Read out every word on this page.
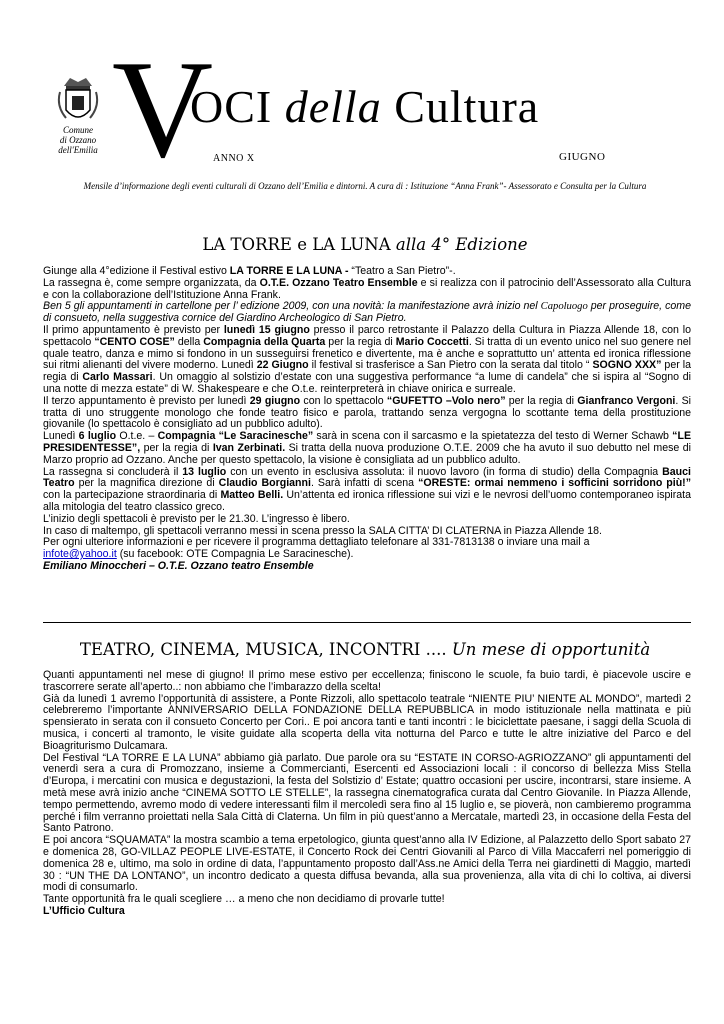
Comune
di Ozzano
dell'Emilia V
OCI della Cultura
ANNO X	GIUGNO
Mensile d’informazione degli eventi culturali di Ozzano dell’Emilia e dintorni. A cura di : Istituzione “Anna Frank”- Assessorato e Consulta per la Cultura
LA TORRE e LA LUNA alla 4° Edizione

Giunge alla 4°edizione il Festival estivo LA TORRE E LA LUNA - “Teatro a San Pietro”-.

La rassegna è, come sempre organizzata, da O.T.E. Ozzano Teatro Ensemble e si realizza con il patrocinio dell’Assessorato alla Cultura e con la collaborazione dell’Istituzione Anna Frank.

Ben 5 gli appuntamenti in cartellone per l’ edizione 2009, con una novità: la manifestazione avrà inizio nel Capoluogo per proseguire, come di consueto, nella suggestiva cornice del Giardino Archeologico di San Pietro.

Il primo appuntamento è previsto per lunedì 15 giugno presso il parco retrostante il Palazzo della Cultura in Piazza Allende 18, con lo spettacolo “CENTO COSE” della Compagnia della Quarta per la regia di Mario Coccetti. Si tratta di un evento unico nel suo genere nel quale teatro, danza e mimo si fondono in un susseguirsi frenetico e divertente, ma è anche e soprattutto un’ attenta ed ironica riflessione sui ritmi alienanti del vivere moderno. Lunedì 22 Giugno il festival si trasferisce a San Pietro con la serata dal titolo “ SOGNO XXX” per la regia di Carlo Massari. Un omaggio al solstizio d’estate con una suggestiva performance “a lume di candela” che si ispira al “Sogno di una notte di mezza estate” di W. Shakespeare e che O.t.e. reinterpreterà in chiave onirica e surreale.

Il terzo appuntamento è previsto per lunedì 29 giugno con lo spettacolo “GUFETTO –Volo nero” per la regia di Gianfranco Vergoni. Si tratta di uno struggente monologo che fonde teatro fisico e parola, trattando senza vergogna lo scottante tema della prostituzione giovanile (lo spettacolo è consigliato ad un pubblico adulto).

Lunedì 6 luglio O.t.e. – Compagnia “Le Saracinesche” sarà in scena con il sarcasmo e la spietatezza del testo di Werner Schawb “LE PRESIDENTESSE”, per la regia di Ivan Zerbinati. Si tratta della nuova produzione O.T.E. 2009 che ha avuto il suo debutto nel mese di Marzo proprio ad Ozzano. Anche per questo spettacolo, la visione è consigliata ad un pubblico adulto.

La rassegna si concluderà il 13 luglio con un evento in esclusiva assoluta: il nuovo lavoro (in forma di studio) della Compagnia Bauci Teatro per la magnifica direzione di Claudio Borgianni. Sarà infatti di scena “ORESTE: ormai nemmeno i sofficini sorridono più!” con la partecipazione straordinaria di Matteo Belli. Un’attenta ed ironica riflessione sui vizi e le nevrosi dell’uomo contemporaneo ispirata alla mitologia del teatro classico greco.

L’inizio degli spettacoli è previsto per le 21.30. L’ingresso è libero.

In caso di maltempo, gli spettacoli verranno messi in scena presso la SALA CITTA’ DI CLATERNA in Piazza Allende 18.

Per ogni ulteriore informazioni e per ricevere il programma dettagliato telefonare al 331-7813138 o inviare una mail a

infote@yahoo.it (su facebook: OTE Compagnia Le Saracinesche).

Emiliano Minoccheri – O.T.E. Ozzano teatro Ensemble

TEATRO, CINEMA, MUSICA, INCONTRI .... Un mese di opportunità

Quanti appuntamenti nel mese di giugno! Il primo mese estivo per eccellenza; finiscono le scuole, fa buio tardi, è piacevole uscire e trascorrere serate all’aperto..: non abbiamo che l’imbarazzo della scelta!

Già da lunedì 1 avremo l’opportunità di assistere, a Ponte Rizzoli, allo spettacolo teatrale “NIENTE PIU’ NIENTE AL MONDO”, martedì 2 celebreremo l’importante ANNIVERSARIO DELLA FONDAZIONE DELLA REPUBBLICA in modo istituzionale nella mattinata e più spensierato in serata con il consueto Concerto per Cori.. E poi ancora tanti e tanti incontri : le biciclettate paesane, i saggi della Scuola di musica, i concerti al tramonto, le visite guidate alla scoperta della vita notturna del Parco e tutte le altre iniziative del Parco e del Bioagriturismo Dulcamara.

Del Festival “LA TORRE E LA LUNA” abbiamo già parlato. Due parole ora su “ESTATE IN CORSO-AGRIOZZANO” gli appuntamenti del venerdì sera a cura di Promozzano, insieme a Commercianti, Esercenti ed Associazioni locali : il concorso di bellezza Miss Stella d’Europa, i mercatini con musica e degustazioni, la festa del Solstizio d’ Estate; quattro occasioni per uscire, incontrarsi, stare insieme. A metà mese avrà inizio anche “CINEMA SOTTO LE STELLE”, la rassegna cinematografica curata dal Centro Giovanile. In Piazza Allende, tempo permettendo, avremo modo di vedere interessanti film il mercoledì sera fino al 15 luglio e, se pioverà, non cambieremo programma perché i film verranno proiettati nella Sala Città di Claterna. Un film in più quest’anno a Mercatale, martedì 23, in occasione della Festa del Santo Patrono.

E poi ancora “SQUAMATA” la mostra scambio a tema erpetologico, giunta quest’anno alla IV Edizione, al Palazzetto dello Sport sabato 27 e domenica 28, GO-VILLAZ PEOPLE LIVE-ESTATE, il Concerto Rock dei Centri Giovanili al Parco di Villa Maccaferri nel pomeriggio di domenica 28 e, ultimo, ma solo in ordine di data, l’appuntamento proposto dall’Ass.ne Amici della Terra nei giardinetti di Maggio, martedì 30 : “UN THE DA LONTANO”, un incontro dedicato a questa diffusa bevanda, alla sua provenienza, alla vita di chi lo coltiva, ai diversi modi di consumarlo.

Tante opportunità fra le quali scegliere … a meno che non decidiamo di provarle tutte!

L’Ufficio Cultura
